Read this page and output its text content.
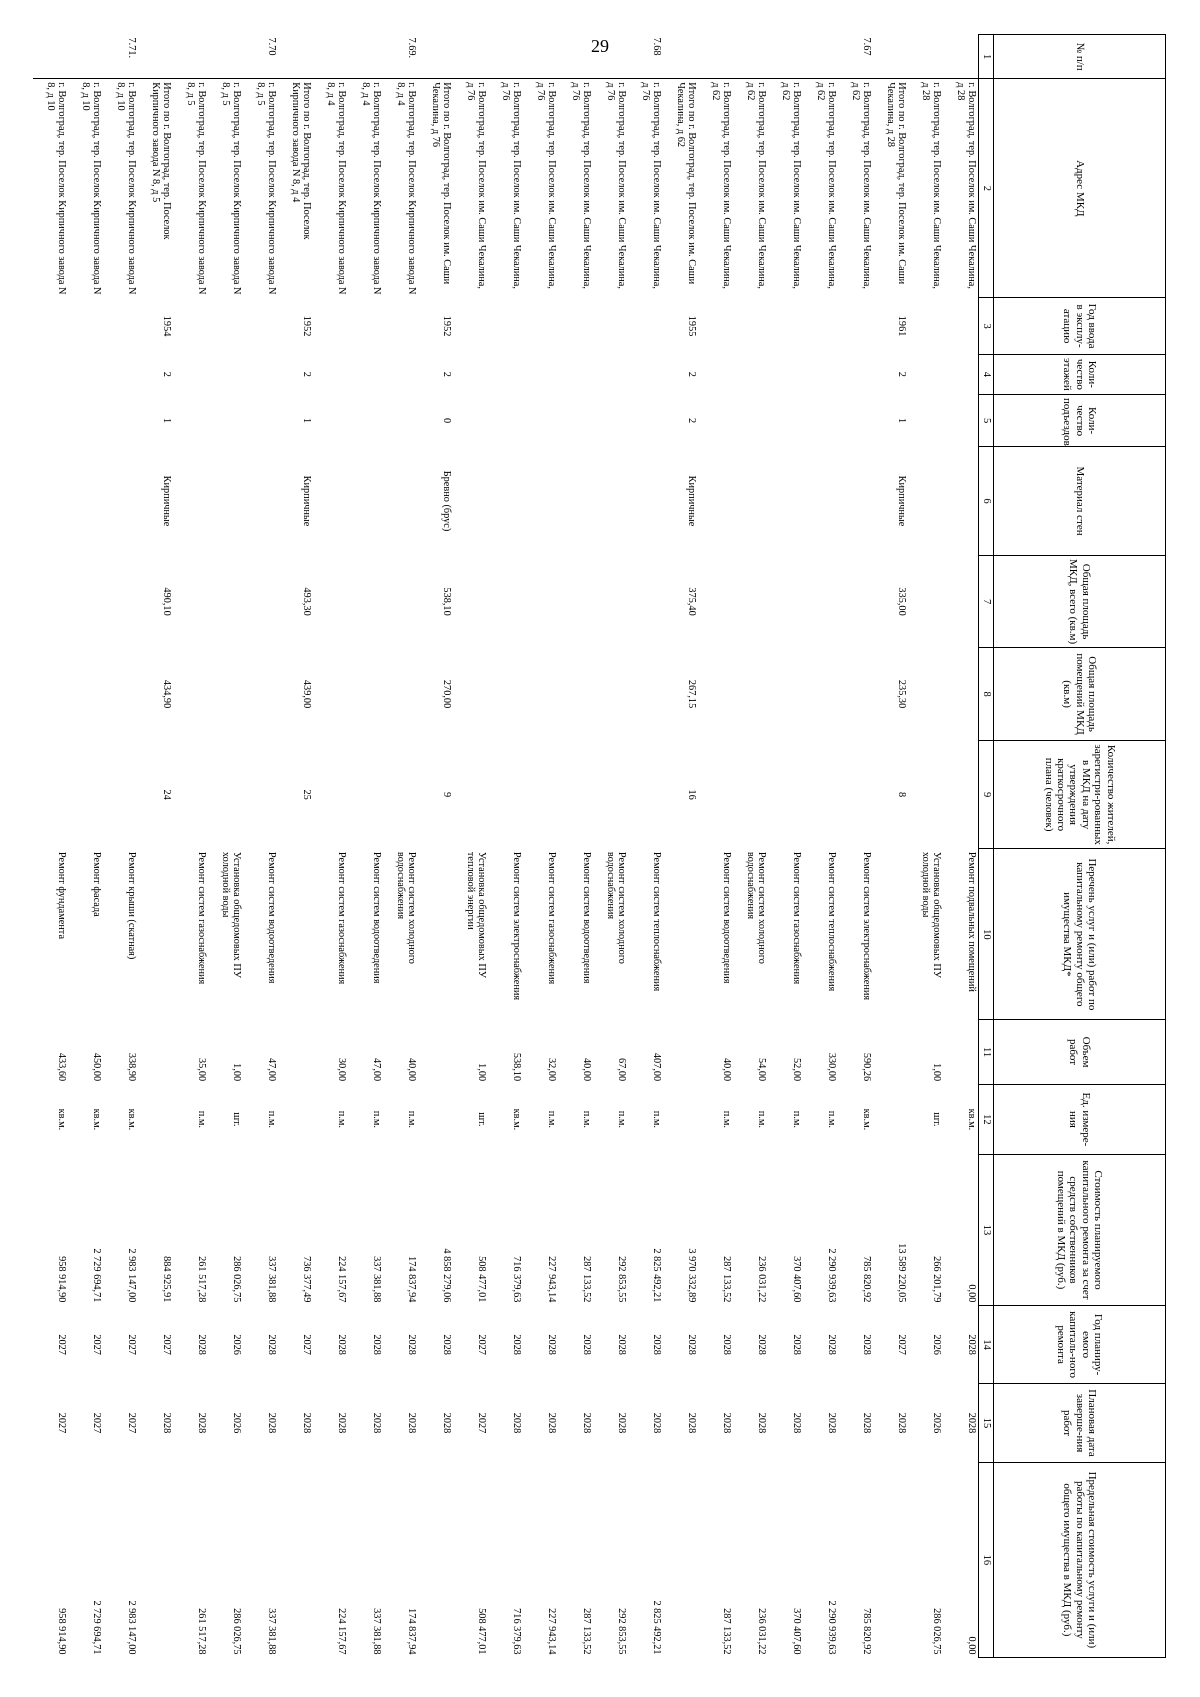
29	№ п/п	Адрес МКД	Год ввода в эксплу-атацию	Коли-чество этажей	Коли-чество подъездов	Материал стен	Общая площадь МКД, всего (кв.м)	Общая площадь помещений МКД (кв.м)	Количество жителей, зарегистри-рованных в МКД на дату утверждения краткосрочного плана (человек)	Перечень услуг и (или) работ по капитальному ремонту общего имущества МКД*	Объем работ	Ед. измере-ния	Стоимость планируемого капитального ремонта за счет средств собственников помещений в МКД (руб.)	Год планиру-емого капиталь-ного ремонта	Плановая дата заверше-ния работ	Предельная стоимость услуги и (или) работы по капитальному ремонту общего имущества в МКД (руб.)
1	2	3	4	5	6	7	8	9	10	11	12	13	14	15	16
	г. Волгоград, тер. Поселок им. Саши Чекалина, д 28								Ремонт подвальных помещений		кв.м.	0,00	2028	2028	0,00
	г. Волгоград, тер. Поселок им. Саши Чекалина, д 28								Установка общедомовых ПУ холодной воды	1,00	шт.	266 201,79	2026	2026	286 026,75
	Итого по г. Волгоград, тер. Поселок им. Саши Чекалина, д 28	1961	2	1	Кирпичные	335,00	235,30	8				13 589 220,05	2027	2028	
7.67	г. Волгоград, тер. Поселок им. Саши Чекалина, д 62								Ремонт систем электроснабжения	590,26	кв.м.	785 820,92	2028	2028	785 820,92
	г. Волгоград, тер. Поселок им. Саши Чекалина, д 62								Ремонт систем теплоснабжения	330,00	п.м.	2 290 939,63	2028	2028	2 290 939,63
	г. Волгоград, тер. Поселок им. Саши Чекалина, д 62								Ремонт систем газоснабжения	52,00	п.м.	370 407,60	2028	2028	370 407,60
	г. Волгоград, тер. Поселок им. Саши Чекалина, д 62								Ремонт систем холодного водоснабжения	54,00	п.м.	236 031,22	2028	2028	236 031,22
	г. Волгоград, тер. Поселок им. Саши Чекалина, д 62								Ремонт систем водоотведения	40,00	п.м.	287 133,52	2028	2028	287 133,52
	Итого по г. Волгоград, тер. Поселок им. Саши Чекалина, д 62	1955	2	2	Кирпичные	375,40	267,15	16				3 970 332,89	2028	2028	
7.68	г. Волгоград, тер. Поселок им. Саши Чекалина, д 76								Ремонт систем теплоснабжения	407,00	п.м.	2 825 492,21	2028	2028	2 825 492,21
	г. Волгоград, тер. Поселок им. Саши Чекалина, д 76								Ремонт систем холодного водоснабжения	67,00	п.м.	292 853,55	2028	2028	292 853,55
	г. Волгоград, тер. Поселок им. Саши Чекалина, д 76								Ремонт систем водоотведения	40,00	п.м.	287 133,52	2028	2028	287 133,52
	г. Волгоград, тер. Поселок им. Саши Чекалина, д 76								Ремонт систем газоснабжения	32,00	п.м.	227 943,14	2028	2028	227 943,14
	г. Волгоград, тер. Поселок им. Саши Чекалина, д 76								Ремонт систем электроснабжения	538,10	кв.м.	716 379,63	2028	2028	716 379,63
	г. Волгоград, тер. Поселок им. Саши Чекалина, д 76								Установка общедомовых ПУ тепловой энергии	1,00	шт.	508 477,01	2027	2027	508 477,01
	Итого по г. Волгоград, тер. Поселок им. Саши Чекалина, д 76	1952	2	0	Бревно (брус)	538,10	270,00	9				4 858 279,06	2028	2028	
7.69.	г. Волгоград, тер. Поселок Кирпичного завода N 8, д 4								Ремонт систем холодного водоснабжения	40,00	п.м.	174 837,94	2028	2028	174 837,94
	г. Волгоград, тер. Поселок Кирпичного завода N 8, д 4								Ремонт систем водоотведения	47,00	п.м.	337 381,88	2028	2028	337 381,88
	г. Волгоград, тер. Поселок Кирпичного завода N 8, д 4								Ремонт систем газоснабжения	30,00	п.м.	224 157,67	2028	2028	224 157,67
	Итого по г. Волгоград, тер. Поселок Кирпичного завода N 8, д 4	1952	2	1	Кирпичные	493,30	439,00	25				736 377,49	2027	2028	
7.70	г. Волгоград, тер. Поселок Кирпичного завода N 8, д 5								Ремонт систем водоотведения	47,00	п.м.	337 381,88	2028	2028	337 381,88
	г. Волгоград, тер. Поселок Кирпичного завода N 8, д 5								Установка общедомовых ПУ холодной воды	1,00	шт.	286 026,75	2026	2026	286 026,75
	г. Волгоград, тер. Поселок Кирпичного завода N 8, д 5								Ремонт систем газоснабжения	35,00	п.м.	261 517,28	2028	2028	261 517,28
	Итого по г. Волгоград, тер. Поселок Кирпичного завода N 8, д 5	1954	2	1	Кирпичные	490,10	434,90	24				884 925,91	2027	2028	
7.71.	г. Волгоград, тер. Поселок Кирпичного завода N 8, д 10								Ремонт крыши (скатная)	338,90	кв.м.	2 983 147,00	2027	2027	2 983 147,00
	г. Волгоград, тер. Поселок Кирпичного завода N 8, д 10								Ремонт фасада	450,00	кв.м.	2 729 694,71	2027	2027	2 729 694,71
	г. Волгоград, тер. Поселок Кирпичного завода N 8, д 10								Ремонт фундамента	433,60	кв.м.	958 914,90	2027	2027	958 914,90
